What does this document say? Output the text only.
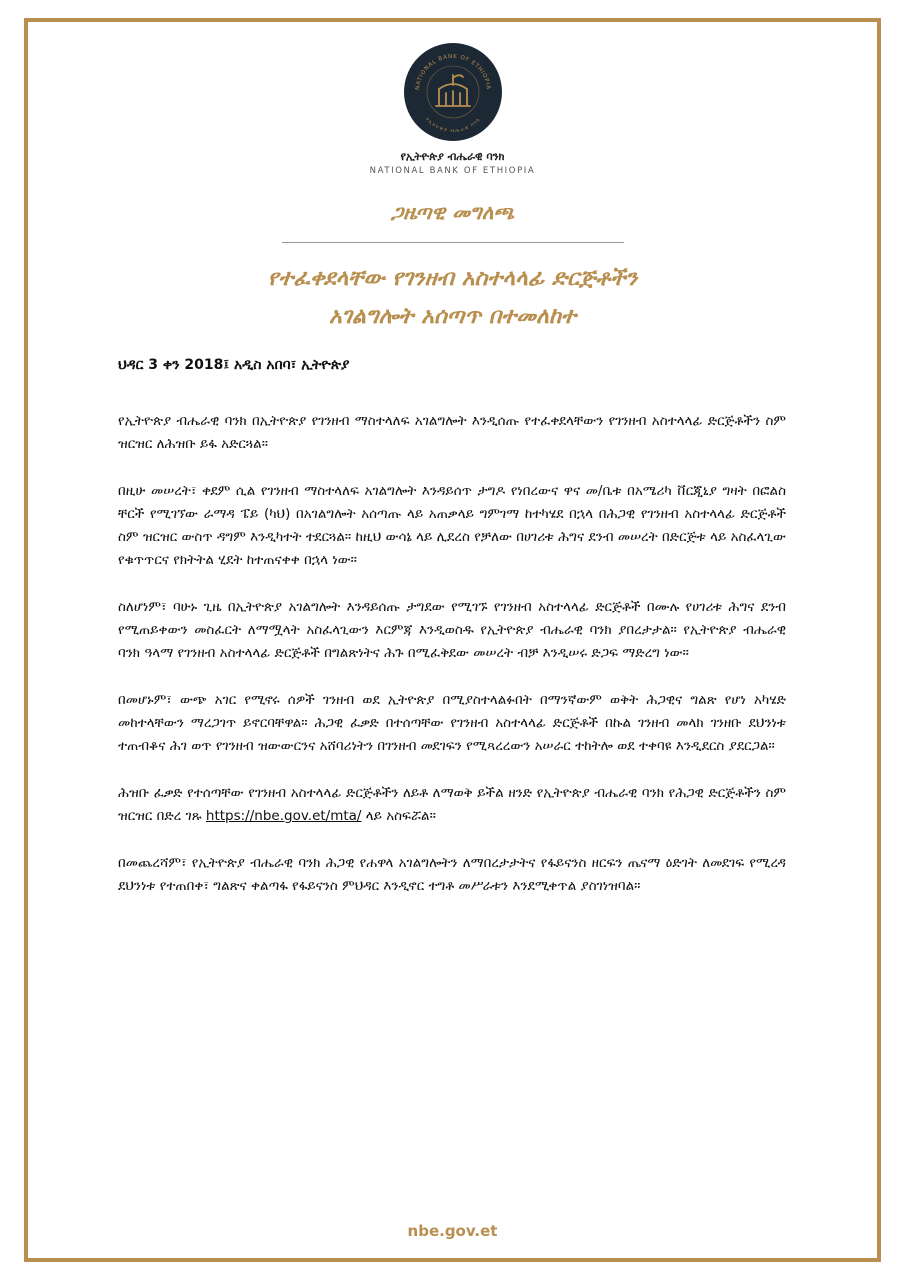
NATIONAL BANK OF ETHIOPIA
የኢትዮጵያ ብሔራዊ ባንክ
የኢትዮጵያ ብሔራዊ ባንክ
NATIONAL BANK OF ETHIOPIA
ጋዜጣዊ መግለጫ
የተፈቀደላቸው የገንዘብ አስተላላፊ ድርጅቶችን
አገልግሎት አሰጣጥ በተመለከተ
ህዳር 3 ቀን 2018፤ አዲስ አበባ፣ ኢትዮጵያ

የኢትዮጵያ ብሔራዊ ባንክ በኢትዮጵያ የገንዘብ ማስተላለፍ አገልግሎት እንዲሰጡ የተፈቀደላቸውን የገንዘብ አስተላላፊ ድርጅቶችን ስም ዝርዝር ለሕዝቡ ይፋ አድርጓል።

በዚሁ መሠረት፣ ቀደም ሲል የገንዘብ ማስተላለፍ አገልግሎት እንዳይሰጥ ታግዶ የነበረውና ዋና መ/ቤቱ በአሜሪካ ቨርጂኒያ ግዛት በፎልስ ቸርች የሚገኘው ራማዳ ፔይ (ካህ) በአገልግሎት አሰጣጡ ላይ አጠቃላይ ግምገማ ከተካሄደ በኋላ በሕጋዊ የገንዘብ አስተላላፊ ድርጅቶች ስም ዝርዝር ውስጥ ዳግም እንዲካተት ተደርጓል። ከዚህ ውሳኔ ላይ ሊደረስ የቻለው በሀገሪቱ ሕግና ደንብ መሠረት በድርጅቱ ላይ አስፈላጊው የቁጥጥርና የክትትል ሂደት ከተጠናቀቀ በኋላ ነው።

ስለሆነም፣ ባሁኑ ጊዜ በኢትዮጵያ አገልግሎት እንዳይሰጡ ታግደው የሚገኙ የገንዘብ አስተላላፊ ድርጅቶች በሙሉ የሀገሪቱ ሕግና ደንብ የሚጠይቀውን መስፈርት ለማሟላት አስፈላጊውን እርምጃ እንዲወስዱ የኢትዮጵያ ብሔራዊ ባንክ ያበረታታል። የኢትዮጵያ ብሔራዊ ባንክ ዓላማ የገንዘብ አስተላላፊ ድርጅቶች በግልጽነትና ሕጉ በሚፈቅደው መሠረት ብቻ እንዲሠሩ ድጋፍ ማድረግ ነው።

በመሆኑም፣ ውጭ አገር የሚኖሩ ሰዎች ገንዘብ ወደ ኢትዮጵያ በሚያስተላልፉበት በማንኛውም ወቅት ሕጋዊና ግልጽ የሆነ አካሄድ መከተላቸውን ማረጋገጥ ይኖርባቸዋል። ሕጋዊ ፈቃድ በተሰጣቸው የገንዘብ አስተላላፊ ድርጅቶች በኩል ገንዘብ መላክ ገንዘቡ ደህንነቱ ተጠብቆና ሕገ ወጥ የገንዘብ ዝውውርንና አሸባሪነትን በገንዘብ መደገፍን የሚጻረረውን አሠራር ተከትሎ ወደ ተቀባዩ እንዲደርስ ያደርጋል።

ሕዝቡ ፈቃድ የተሰጣቸው የገንዘብ አስተላላፊ ድርጅቶችን ለይቶ ለማወቅ ይችል ዘንድ የኢትዮጵያ ብሔራዊ ባንክ የሕጋዊ ድርጅቶችን ስም ዝርዝር በድረ ገጹ https://nbe.gov.et/mta/ ላይ አስፍሯል።

በመጨረሻም፣ የኢትዮጵያ ብሔራዊ ባንክ ሕጋዊ የሐዋላ አገልግሎትን ለማበረታታትና የፋይናንስ ዘርፍን ጤናማ ዕድገት ለመደገፍ የሚረዳ ደህንነቱ የተጠበቀ፣ ግልጽና ቀልጣፋ የፋይናንስ ምህዳር እንዲኖር ተግቶ መሥራቱን እንደሚቀጥል ያስገነዝባል።

nbe.gov.et
